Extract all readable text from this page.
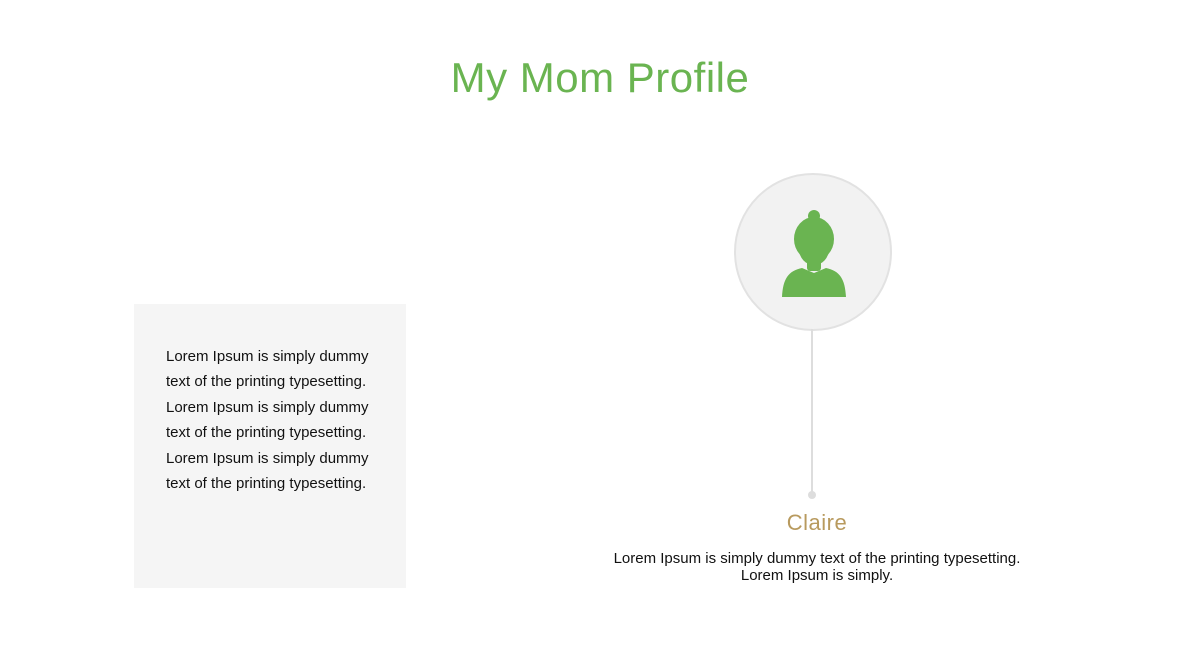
My Mom Profile

Lorem Ipsum is simply dummy text of the printing typesetting. Lorem Ipsum is simply dummy text of the printing typesetting. Lorem Ipsum is simply dummy text of the printing typesetting.

Claire

Lorem Ipsum is simply dummy text of the printing typesetting.
Lorem Ipsum is simply.
